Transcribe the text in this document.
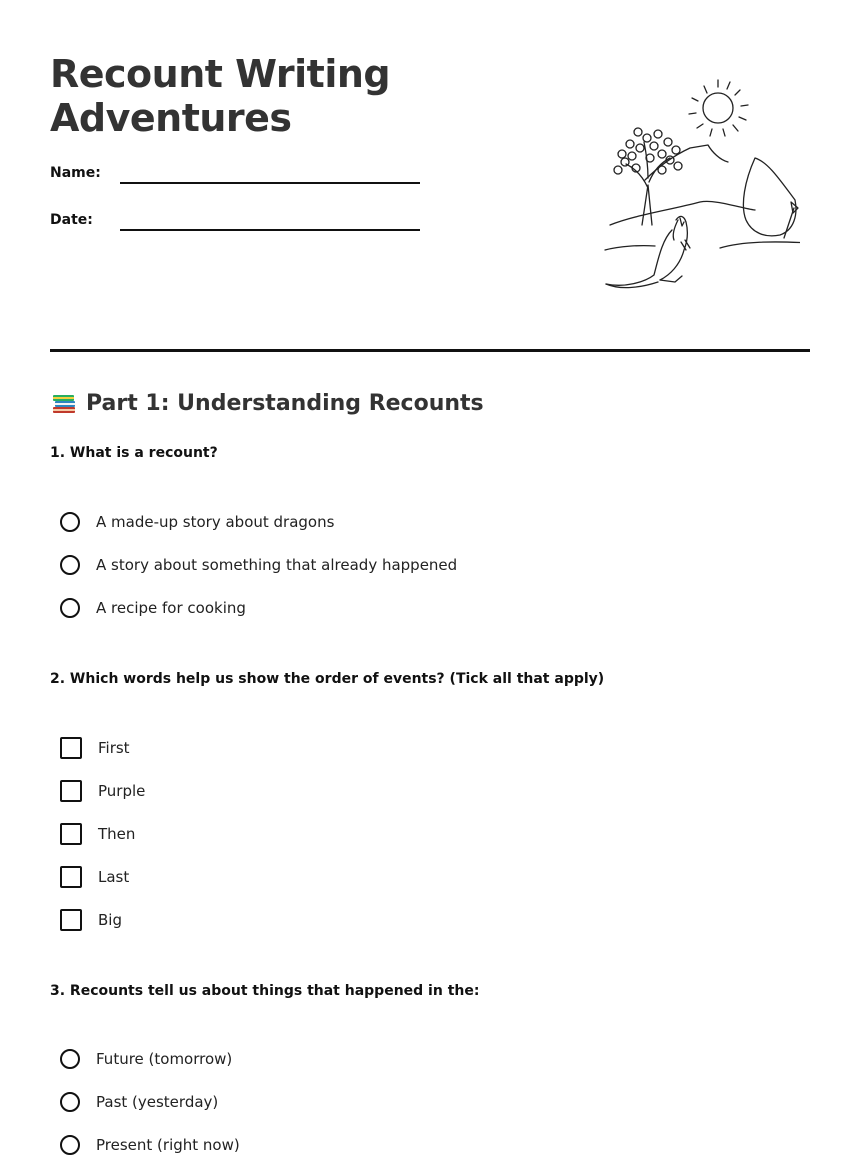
Recount Writing
Adventures
Name:
Date:
Part 1: Understanding Recounts

1. What is a recount?

A made-up story about dragons
A story about something that already happened
A recipe for cooking

2. Which words help us show the order of events? (Tick all that apply)

First
Purple
Then
Last
Big

3. Recounts tell us about things that happened in the:

Future (tomorrow)
Past (yesterday)
Present (right now)
